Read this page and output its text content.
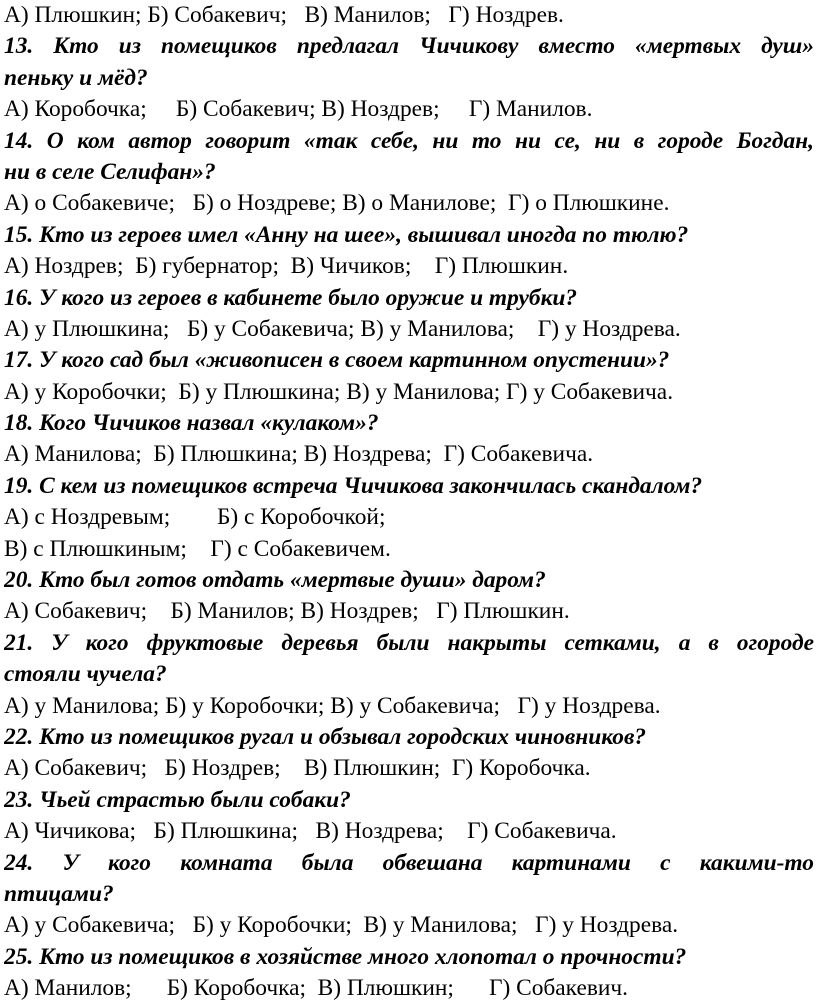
А) Плюшкин; Б) Собакевич;   В) Манилов;   Г) Ноздрев.
13. Кто из помещиков предлагал Чичикову вместо «мертвых душ»
пеньку и мёд?
А) Коробочка;     Б) Собакевич; В) Ноздрев;     Г) Манилов.
14. О ком автор говорит «так себе, ни то ни се, ни в городе Богдан,
ни в селе Селифан»?
А) о Собакевиче;   Б) о Ноздреве; В) о Манилове;  Г) о Плюшкине.
15. Кто из героев имел «Анну на шее», вышивал иногда по тюлю?
А) Ноздрев;  Б) губернатор;  В) Чичиков;    Г) Плюшкин.
16. У кого из героев в кабинете было оружие и трубки?
А) у Плюшкина;   Б) у Собакевича; В) у Манилова;    Г) у Ноздрева.
17. У кого сад был «живописен в своем картинном опустении»?
А) у Коробочки;  Б) у Плюшкина; В) у Манилова; Г) у Собакевича.
18. Кого Чичиков назвал «кулаком»?
А) Манилова;  Б) Плюшкина; В) Ноздрева;  Г) Собакевича.
19. С кем из помещиков встреча Чичикова закончилась скандалом?
А) с Ноздревым;        Б) с Коробочкой;
В) с Плюшкиным;    Г) с Собакевичем.
20. Кто был готов отдать «мертвые души» даром?
А) Собакевич;    Б) Манилов; В) Ноздрев;   Г) Плюшкин.
21. У кого фруктовые деревья были накрыты сетками, а в огороде
стояли чучела?
А) у Манилова; Б) у Коробочки; В) у Собакевича;   Г) у Ноздрева.
22. Кто из помещиков ругал и обзывал городских чиновников?
А) Собакевич;   Б) Ноздрев;    В) Плюшкин;  Г) Коробочка.
23. Чьей страстью были собаки?
А) Чичикова;   Б) Плюшкина;   В) Ноздрева;    Г) Собакевича.
24. У кого комната была обвешана картинами с какими-то
птицами?
А) у Собакевича;   Б) у Коробочки;  В) у Манилова;   Г) у Ноздрева.
25. Кто из помещиков в хозяйстве много хлопотал о прочности?
А) Манилов;      Б) Коробочка;  В) Плюшкин;      Г) Собакевич.
